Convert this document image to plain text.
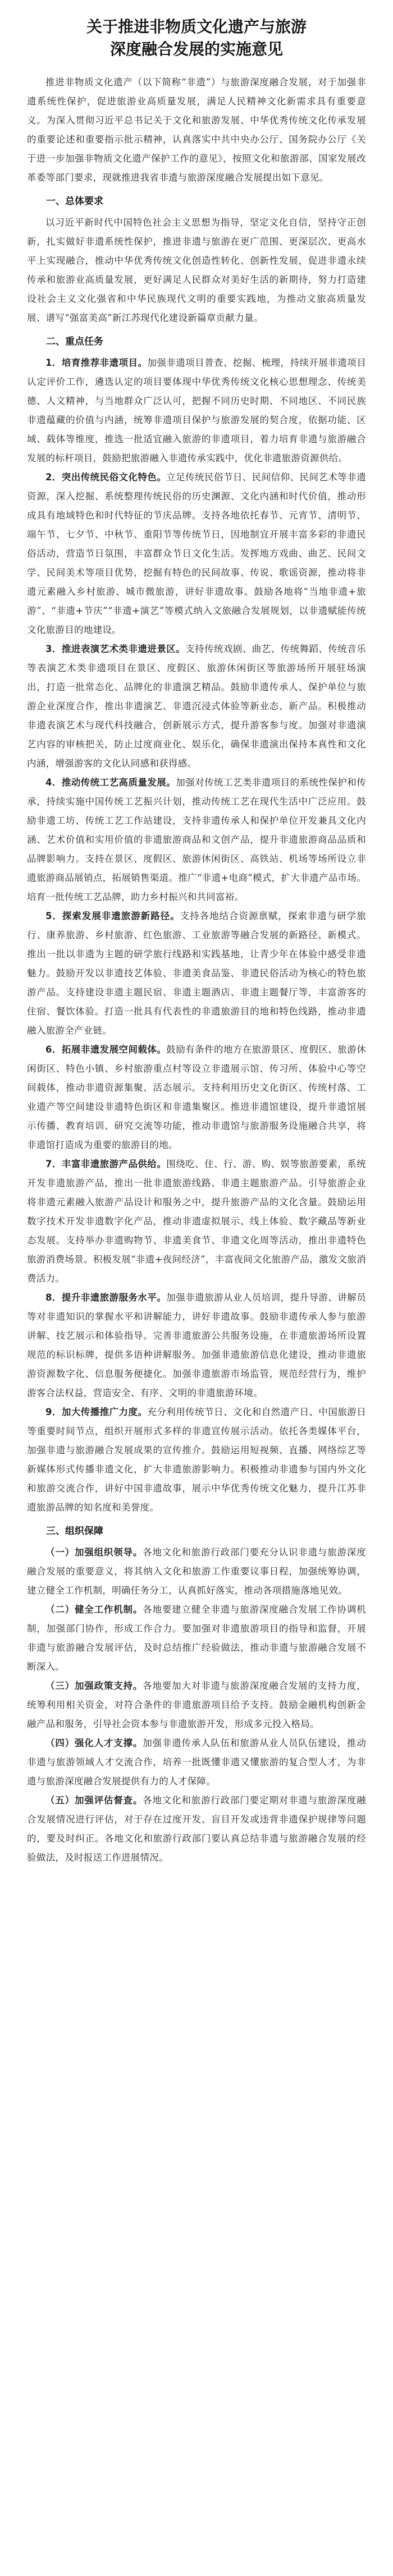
关于推进非物质文化遗产与旅游
深度融合发展的实施意见

推进非物质文化遗产（以下简称“非遗”）与旅游深度融合发展，对于加强非遗系统性保护，促进旅游业高质量发展，满足人民精神文化新需求具有重要意义。为深入贯彻习近平总书记关于文化和旅游发展、中华优秀传统文化传承发展的重要论述和重要指示批示精神，认真落实中共中央办公厅、国务院办公厅《关于进一步加强非物质文化遗产保护工作的意见》，按照文化和旅游部、国家发展改革委等部门要求，现就推进我省非遗与旅游深度融合发展提出如下意见。

一、总体要求

以习近平新时代中国特色社会主义思想为指导，坚定文化自信，坚持守正创新，扎实做好非遗系统性保护，推进非遗与旅游在更广范围、更深层次、更高水平上实现融合，推动中华优秀传统文化创造性转化、创新性发展，促进非遗永续传承和旅游业高质量发展，更好满足人民群众对美好生活的新期待，努力打造建设社会主义文化强省和中华民族现代文明的重要实践地，为推动文旅高质量发展、谱写“强富美高”新江苏现代化建设新篇章贡献力量。

二、重点任务

1．培育推荐非遗项目。加强非遗项目普查、挖掘、梳理，持续开展非遗项目认定评价工作，遴选认定的项目要体现中华优秀传统文化核心思想理念、传统美德、人文精神，与当地群众广泛认可，把握不同历史时期、不同地区、不同民族非遗蕴藏的价值与内涵，统筹非遗项目保护与旅游发展的契合度，依据功能、区域、载体等维度，推选一批适宜融入旅游的非遗项目，着力培育非遗与旅游融合发展的标杆项目，鼓励把旅游融入非遗传承实践中，优化非遗旅游资源供给。

2．突出传统民俗文化特色。立足传统民俗节日、民间信仰、民间艺术等非遗资源，深入挖掘、系统整理传统民俗的历史渊源、文化内涵和时代价值，推动形成具有地域特色和时代特征的节庆品牌。支持各地依托春节、元宵节、清明节、端午节、七夕节、中秋节、重阳节等传统节日，因地制宜开展丰富多彩的非遗民俗活动，营造节日氛围，丰富群众节日文化生活。发挥地方戏曲、曲艺、民间文学、民间美术等项目优势，挖掘有特色的民间故事、传说、歌谣资源，推动将非遗元素融入乡村旅游、城市微旅游，讲好非遗故事。鼓励各地将“当地非遗+旅游”、“非遗+节庆”“非遗+演艺”等模式纳入文旅融合发展规划，以非遗赋能传统文化旅游目的地建设。

3．推进表演艺术类非遗进景区。支持传统戏剧、曲艺、传统舞蹈、传统音乐等表演艺术类非遗项目在景区、度假区、旅游休闲街区等旅游场所开展驻场演出，打造一批常态化、品牌化的非遗演艺精品。鼓励非遗传承人、保护单位与旅游企业深度合作，推出非遗演艺、非遗沉浸式体验等新业态、新产品。积极推动非遗表演艺术与现代科技融合，创新展示方式，提升游客参与度。加强对非遗演艺内容的审核把关，防止过度商业化、娱乐化，确保非遗演出保持本真性和文化内涵，增强游客的文化认同感和获得感。

4．推动传统工艺高质量发展。加强对传统工艺类非遗项目的系统性保护和传承，持续实施中国传统工艺振兴计划，推动传统工艺在现代生活中广泛应用。鼓励非遗工坊、传统工艺工作站建设，支持非遗传承人和保护单位开发兼具文化内涵、艺术价值和实用价值的非遗旅游商品和文创产品，提升非遗旅游商品品质和品牌影响力。支持在景区、度假区、旅游休闲街区、高铁站、机场等场所设立非遗旅游商品展销点，拓展销售渠道。推广“非遗+电商”模式，扩大非遗产品市场。培育一批传统工艺品牌，助力乡村振兴和共同富裕。

5．探索发展非遗旅游新路径。支持各地结合资源禀赋，探索非遗与研学旅行、康养旅游、乡村旅游、红色旅游、工业旅游等融合发展的新路径、新模式。推出一批以非遗为主题的研学旅行线路和实践基地，让青少年在体验中感受非遗魅力。鼓励开发以非遗技艺体验、非遗美食品鉴、非遗民俗活动为核心的特色旅游产品。支持建设非遗主题民宿、非遗主题酒店、非遗主题餐厅等，丰富游客的住宿、餐饮体验。打造一批具有代表性的非遗旅游目的地和特色线路，推动非遗融入旅游全产业链。

6．拓展非遗发展空间载体。鼓励有条件的地方在旅游景区、度假区、旅游休闲街区、特色小镇、乡村旅游重点村等设立非遗展示馆、传习所、体验中心等空间载体，推动非遗资源集聚、活态展示。支持利用历史文化街区、传统村落、工业遗产等空间建设非遗特色街区和非遗集聚区。推进非遗馆建设，提升非遗馆展示传播、教育培训、研究交流等功能，推动非遗馆与旅游服务设施融合共享，将非遗馆打造成为重要的旅游目的地。

7．丰富非遗旅游产品供给。围绕吃、住、行、游、购、娱等旅游要素，系统开发非遗旅游产品，推出一批非遗旅游线路、非遗主题旅游产品。引导旅游企业将非遗元素融入旅游产品设计和服务之中，提升旅游产品的文化含量。鼓励运用数字技术开发非遗数字化产品，推动非遗虚拟展示、线上体验、数字藏品等新业态发展。支持举办非遗购物节、非遗美食节、非遗文化周等活动，推出非遗特色旅游消费场景。积极发展“非遗+夜间经济”，丰富夜间文化旅游产品，激发文旅消费活力。

8．提升非遗旅游服务水平。加强非遗旅游从业人员培训，提升导游、讲解员等对非遗知识的掌握水平和讲解能力，讲好非遗故事。鼓励非遗传承人参与旅游讲解、技艺展示和体验指导。完善非遗旅游公共服务设施，在非遗旅游场所设置规范的标识标牌，提供多语种讲解服务。加强非遗旅游信息化建设，推动非遗旅游资源数字化、信息服务便捷化。加强非遗旅游市场监管，规范经营行为，维护游客合法权益，营造安全、有序、文明的非遗旅游环境。

9．加大传播推广力度。充分利用传统节日、文化和自然遗产日、中国旅游日等重要时间节点，组织开展形式多样的非遗宣传展示活动。依托各类媒体平台，加强非遗与旅游融合发展成果的宣传推介。鼓励运用短视频、直播、网络综艺等新媒体形式传播非遗文化，扩大非遗旅游影响力。积极推动非遗参与国内外文化和旅游交流合作，讲好中国非遗故事，展示中华优秀传统文化魅力，提升江苏非遗旅游品牌的知名度和美誉度。

三、组织保障

（一）加强组织领导。各地文化和旅游行政部门要充分认识非遗与旅游深度融合发展的重要意义，将其纳入文化和旅游工作重要议事日程，加强统筹协调，建立健全工作机制，明确任务分工，认真抓好落实，推动各项措施落地见效。

（二）健全工作机制。各地要建立健全非遗与旅游深度融合发展工作协调机制，加强部门协作，形成工作合力。要加强对非遗旅游项目的指导和监督，开展非遗与旅游融合发展评估，及时总结推广经验做法，推动非遗与旅游融合发展不断深入。

（三）加强政策支持。各地要加大对非遗与旅游深度融合发展的支持力度，统筹利用相关资金，对符合条件的非遗旅游项目给予支持。鼓励金融机构创新金融产品和服务，引导社会资本参与非遗旅游开发，形成多元投入格局。

（四）强化人才支撑。加强非遗传承人队伍和旅游从业人员队伍建设，推动非遗与旅游领域人才交流合作，培养一批既懂非遗又懂旅游的复合型人才，为非遗与旅游深度融合发展提供有力的人才保障。

（五）加强评估督查。各地文化和旅游行政部门要定期对非遗与旅游深度融合发展情况进行评估，对于存在过度开发、盲目开发或违背非遗保护规律等问题的，要及时纠正。各地文化和旅游行政部门要认真总结非遗与旅游融合发展的经验做法，及时报送工作进展情况。
